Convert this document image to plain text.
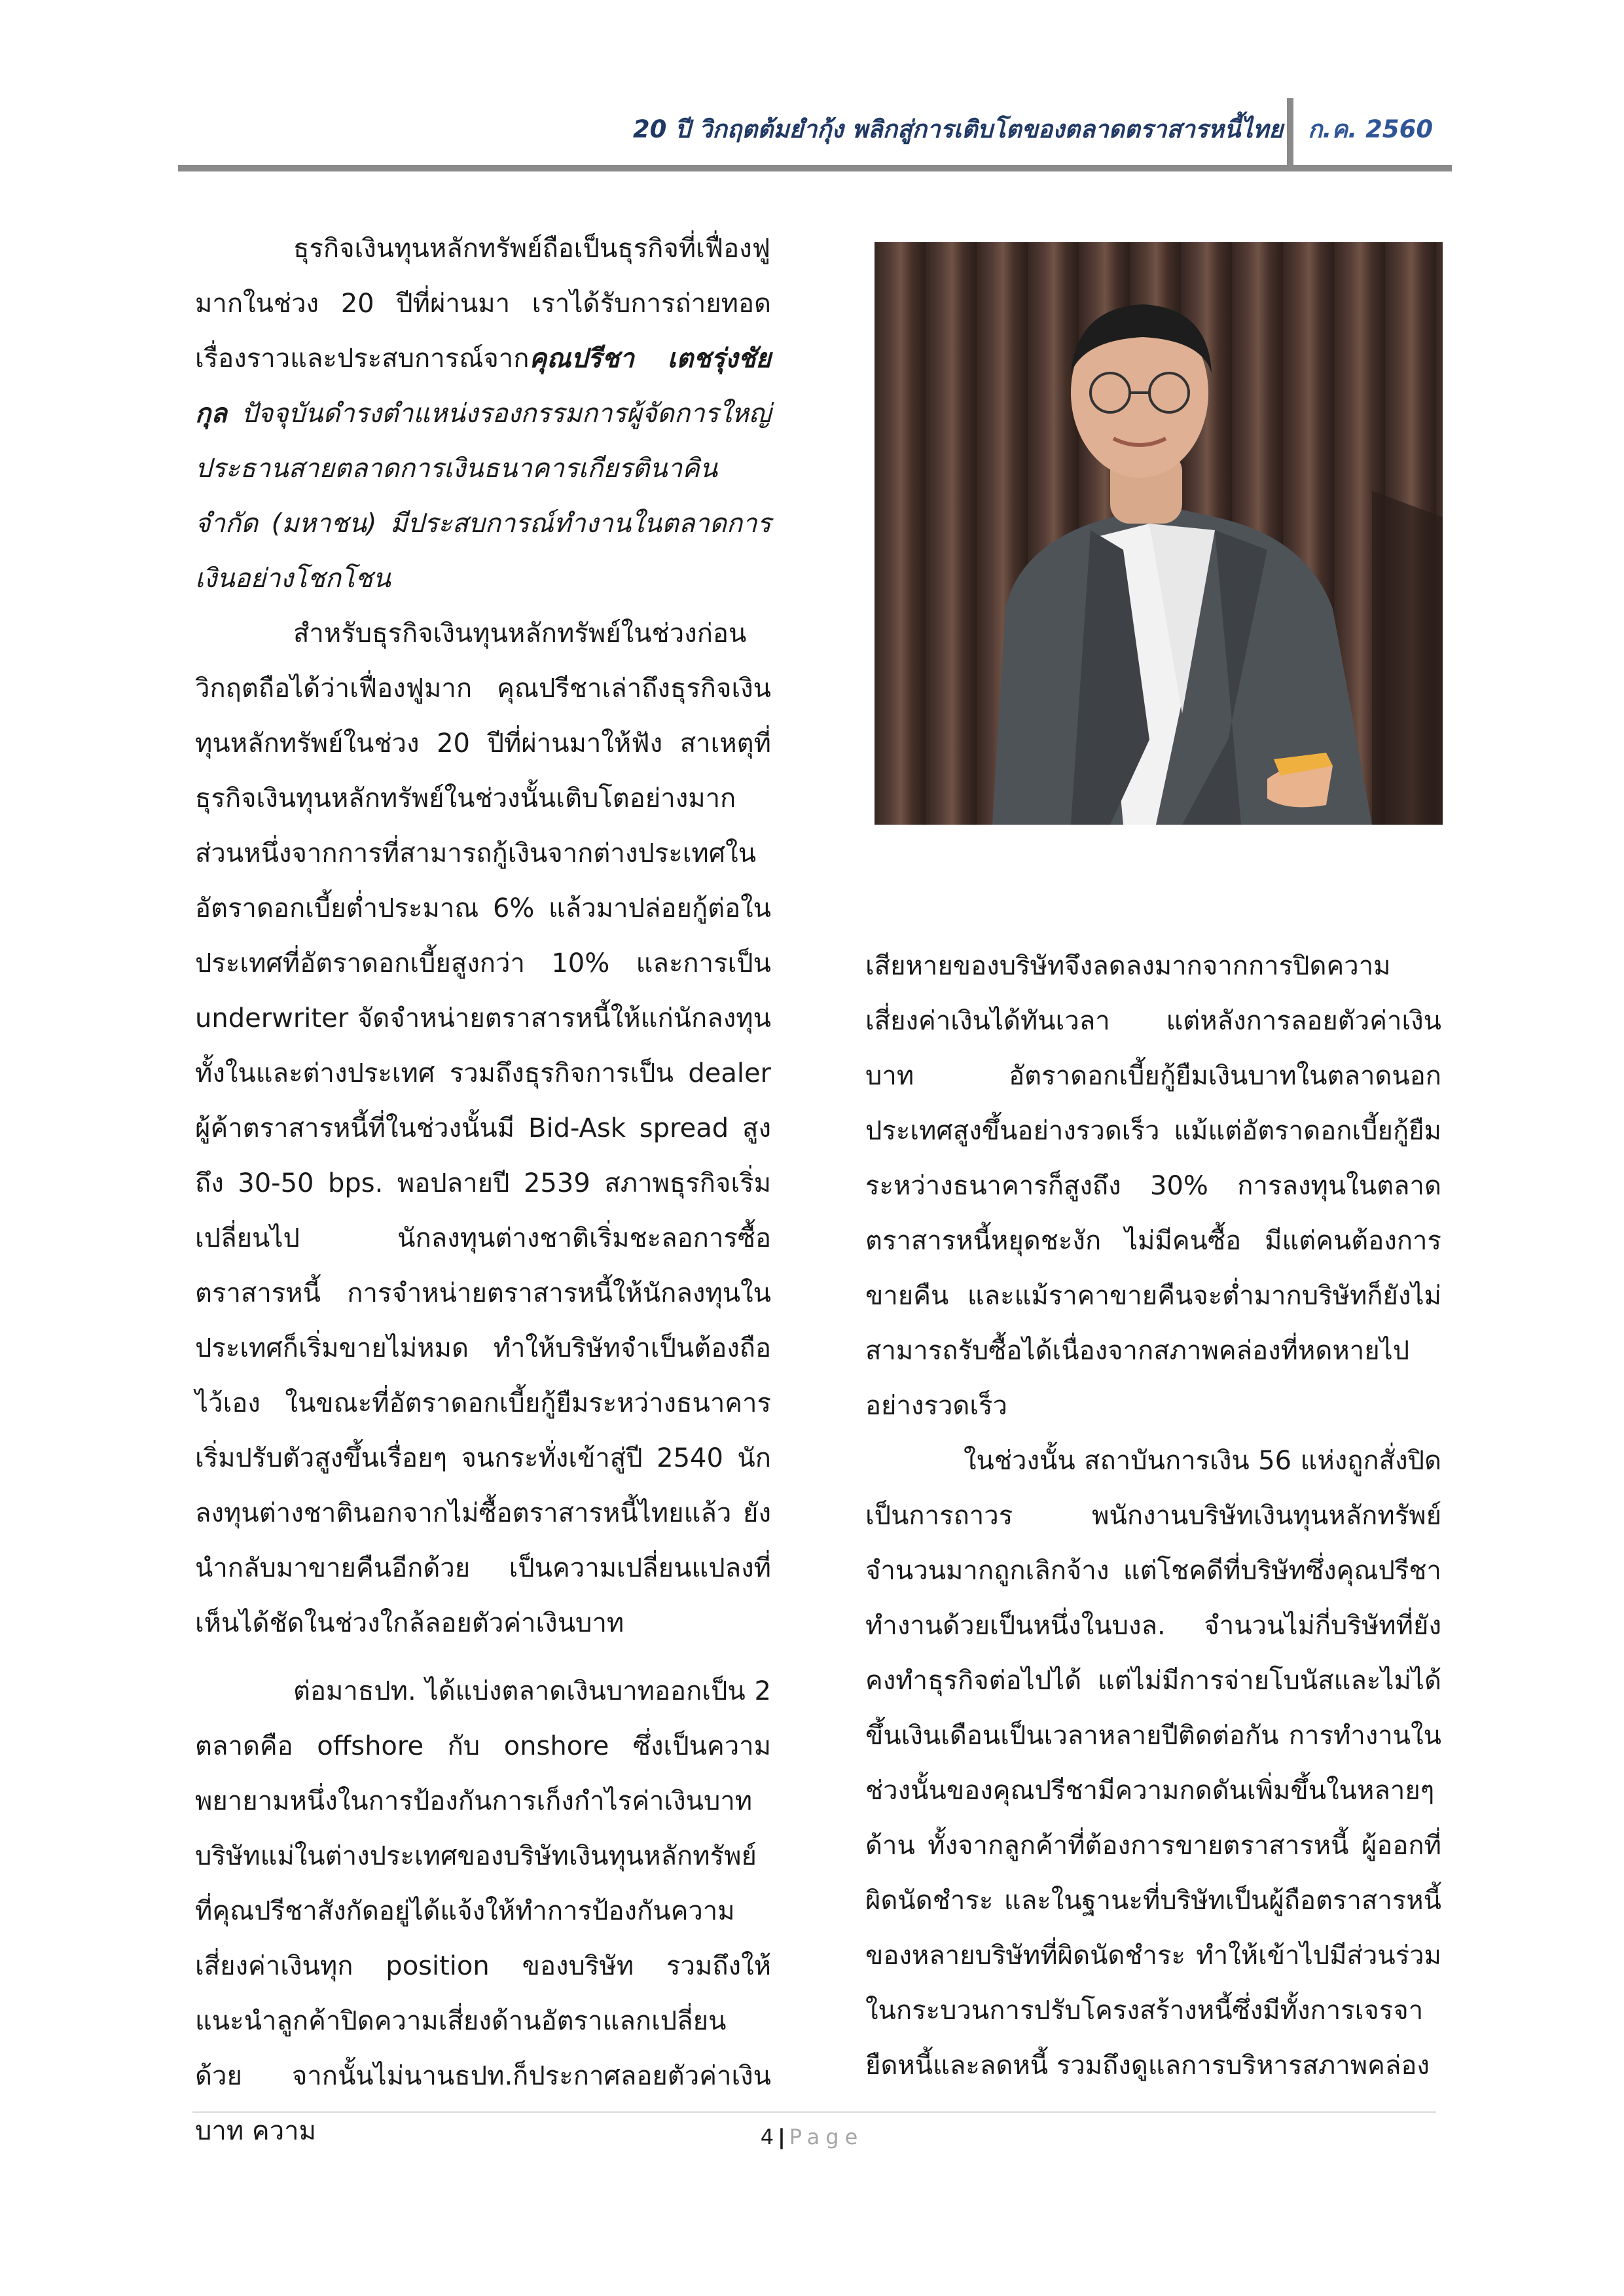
20 ปี วิกฤตต้มยำกุ้ง พลิกสู่การเติบโตของตลาดตราสารหนี้ไทย ก.ค. 2560

ธุรกิจเงินทุนหลักทรัพย์ถือเป็นธุรกิจที่เฟื่องฟูมากในช่วง 20 ปีที่ผ่านมา เราได้รับการถ่ายทอดเรื่องราวและประสบการณ์จากคุณปรีชา เตชรุ่งชัยกุล ปัจจุบันดำรงตำแหน่งรองกรรมการผู้จัดการใหญ่ ประธานสายตลาดการเงินธนาคารเกียรตินาคิน จำกัด (มหาชน) มีประสบการณ์ทำงานในตลาดการเงินอย่างโชกโชน

สำหรับธุรกิจเงินทุนหลักทรัพย์ในช่วงก่อนวิกฤตถือได้ว่าเฟื่องฟูมาก คุณปรีชาเล่าถึงธุรกิจเงินทุนหลักทรัพย์ในช่วง 20 ปีที่ผ่านมาให้ฟัง สาเหตุที่ธุรกิจเงินทุนหลักทรัพย์ในช่วงนั้นเติบโตอย่างมาก ส่วนหนึ่งจากการที่สามารถกู้เงินจากต่างประเทศในอัตราดอกเบี้ยต่ำประมาณ 6% แล้วมาปล่อยกู้ต่อในประเทศที่อัตราดอกเบี้ยสูงกว่า 10% และการเป็น underwriter จัดจำหน่ายตราสารหนี้ให้แก่นักลงทุนทั้งในและต่างประเทศ รวมถึงธุรกิจการเป็น dealer ผู้ค้าตราสารหนี้ที่ในช่วงนั้นมี Bid-Ask spread สูงถึง 30-50 bps. พอปลายปี 2539 สภาพธุรกิจเริ่มเปลี่ยนไป นักลงทุนต่างชาติเริ่มชะลอการซื้อตราสารหนี้ การจำหน่ายตราสารหนี้ให้นักลงทุนในประเทศก็เริ่มขายไม่หมด ทำให้บริษัทจำเป็นต้องถือไว้เอง ในขณะที่อัตราดอกเบี้ยกู้ยืมระหว่างธนาคารเริ่มปรับตัวสูงขึ้นเรื่อยๆ จนกระทั่งเข้าสู่ปี 2540 นักลงทุนต่างชาตินอกจากไม่ซื้อตราสารหนี้ไทยแล้ว ยังนำกลับมาขายคืนอีกด้วย เป็นความเปลี่ยนแปลงที่เห็นได้ชัดในช่วงใกล้ลอยตัวค่าเงินบาท

ต่อมาธปท. ได้แบ่งตลาดเงินบาทออกเป็น 2 ตลาดคือ offshore กับ onshore ซึ่งเป็นความพยายามหนึ่งในการป้องกันการเก็งกำไรค่าเงินบาท บริษัทแม่ในต่างประเทศของบริษัทเงินทุนหลักทรัพย์ที่คุณปรีชาสังกัดอยู่ได้แจ้งให้ทำการป้องกันความเสี่ยงค่าเงินทุก position ของบริษัท รวมถึงให้แนะนำลูกค้าปิดความเสี่ยงด้านอัตราแลกเปลี่ยนด้วย จากนั้นไม่นานธปท.ก็ประกาศลอยตัวค่าเงินบาท ความ

เสียหายของบริษัทจึงลดลงมากจากการปิดความเสี่ยงค่าเงินได้ทันเวลา แต่หลังการลอยตัวค่าเงินบาท อัตราดอกเบี้ยกู้ยืมเงินบาทในตลาดนอกประเทศสูงขึ้นอย่างรวดเร็ว แม้แต่อัตราดอกเบี้ยกู้ยืมระหว่างธนาคารก็สูงถึง 30% การลงทุนในตลาดตราสารหนี้หยุดชะงัก ไม่มีคนซื้อ มีแต่คนต้องการขายคืน และแม้ราคาขายคืนจะต่ำมากบริษัทก็ยังไม่สามารถรับซื้อได้เนื่องจากสภาพคล่องที่หดหายไปอย่างรวดเร็ว

ในช่วงนั้น สถาบันการเงิน 56 แห่งถูกสั่งปิดเป็นการถาวร พนักงานบริษัทเงินทุนหลักทรัพย์จำนวนมากถูกเลิกจ้าง แต่โชคดีที่บริษัทซึ่งคุณปรีชาทำงานด้วยเป็นหนึ่งในบงล. จำนวนไม่กี่บริษัทที่ยังคงทำธุรกิจต่อไปได้ แต่ไม่มีการจ่ายโบนัสและไม่ได้ขึ้นเงินเดือนเป็นเวลาหลายปีติดต่อกัน การทำงานในช่วงนั้นของคุณปรีชามีความกดดันเพิ่มขึ้นในหลายๆ ด้าน ทั้งจากลูกค้าที่ต้องการขายตราสารหนี้ ผู้ออกที่ผิดนัดชำระ และในฐานะที่บริษัทเป็นผู้ถือตราสารหนี้ของหลายบริษัทที่ผิดนัดชำระ ทำให้เข้าไปมีส่วนร่วมในกระบวนการปรับโครงสร้างหนี้ซึ่งมีทั้งการเจรจายืดหนี้และลดหนี้ รวมถึงดูแลการบริหารสภาพคล่อง

4 | Page
